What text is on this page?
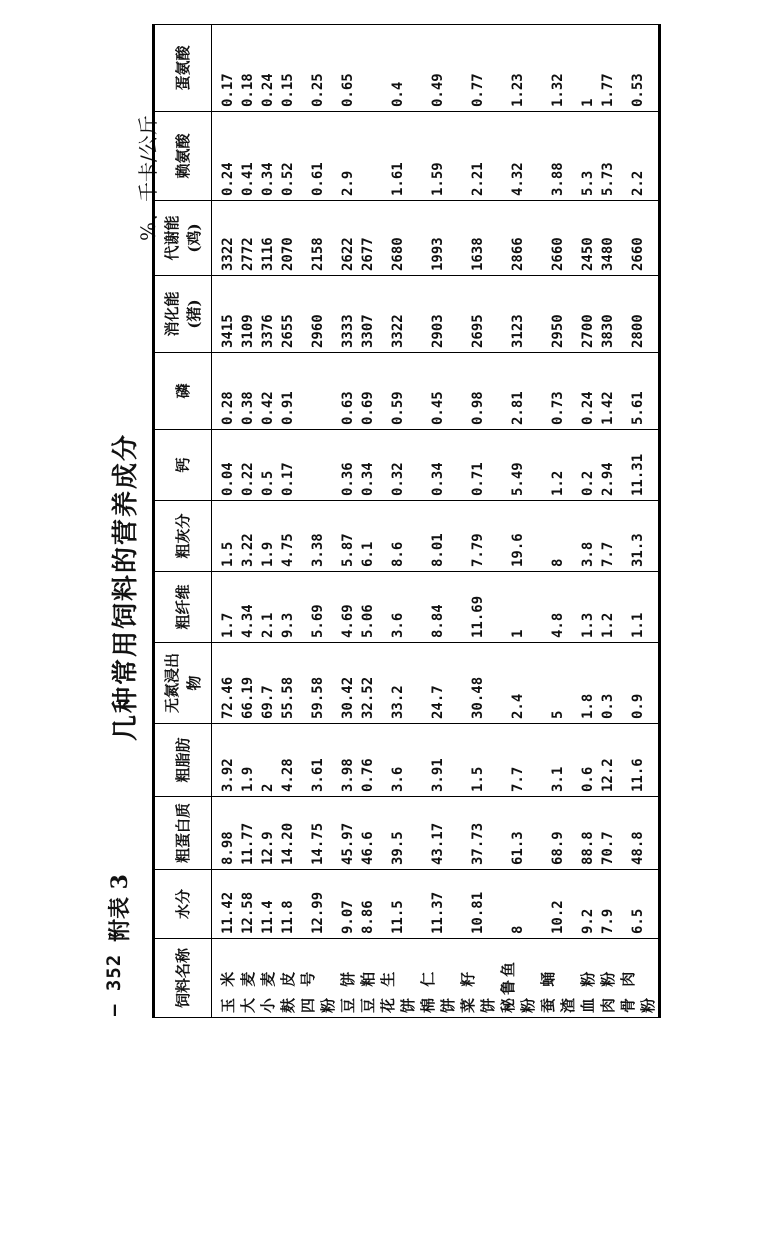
— 352 —
附表 3
几种常用饲料的营养成分
%、千卡/公斤
饲料名称	水分	粗蛋白质	粗脂肪	无氮浸出物	粗纤维	粗灰分	钙	磷	消化能
(猪)	代谢能
(鸡)	赖氨酸	蛋氨酸
玉 米	11.42	8.98	3.92	72.46	1.7	1.5	0.04	0.28	3415	3322	0.24	0.17
大 麦	12.58	11.77	1.9	66.19	4.34	3.22	0.22	0.38	3109	2772	0.41	0.18
小 麦	11.4	12.9	2	69.7	2.1	1.9	0.5	0.42	3376	3116	0.34	0.24
麸 皮	11.8	14.20	4.28	55.58	9.3	4.75	0.17	0.91	2655	2070	0.52	0.15
四 号 粉	12.99	14.75	3.61	59.58	5.69	3.38			2960	2158	0.61	0.25
豆 饼	9.07	45.97	3.98	30.42	4.69	5.87	0.36	0.63	3333	2622	2.9	0.65
豆 粕	8.86	46.6	0.76	32.52	5.06	6.1	0.34	0.69	3307	2677		
花 生 饼	11.5	39.5	3.6	33.2	3.6	8.6	0.32	0.59	3322	2680	1.61	0.4
棉 仁 饼	11.37	43.17	3.91	24.7	8.84	8.01	0.34	0.45	2903	1993	1.59	0.49
菜 籽 饼	10.81	37.73	1.5	30.48	11.69	7.79	0.71	0.98	2695	1638	2.21	0.77
秘鲁鱼粉	8	61.3	7.7	2.4	1	19.6	5.49	2.81	3123	2866	4.32	1.23
蚕 蛹 渣	10.2	68.9	3.1	5	4.8	8	1.2	0.73	2950	2660	3.88	1.32
血 粉	9.2	88.8	0.6	1.8	1.3	3.8	0.2	0.24	2700	2450	5.3	1
肉 粉	7.9	70.7	12.2	0.3	1.2	7.7	2.94	1.42	3830	3480	5.73	1.77
骨 肉 粉	6.5	48.8	11.6	0.9	1.1	31.3	11.31	5.61	2800	2660	2.2	0.53
